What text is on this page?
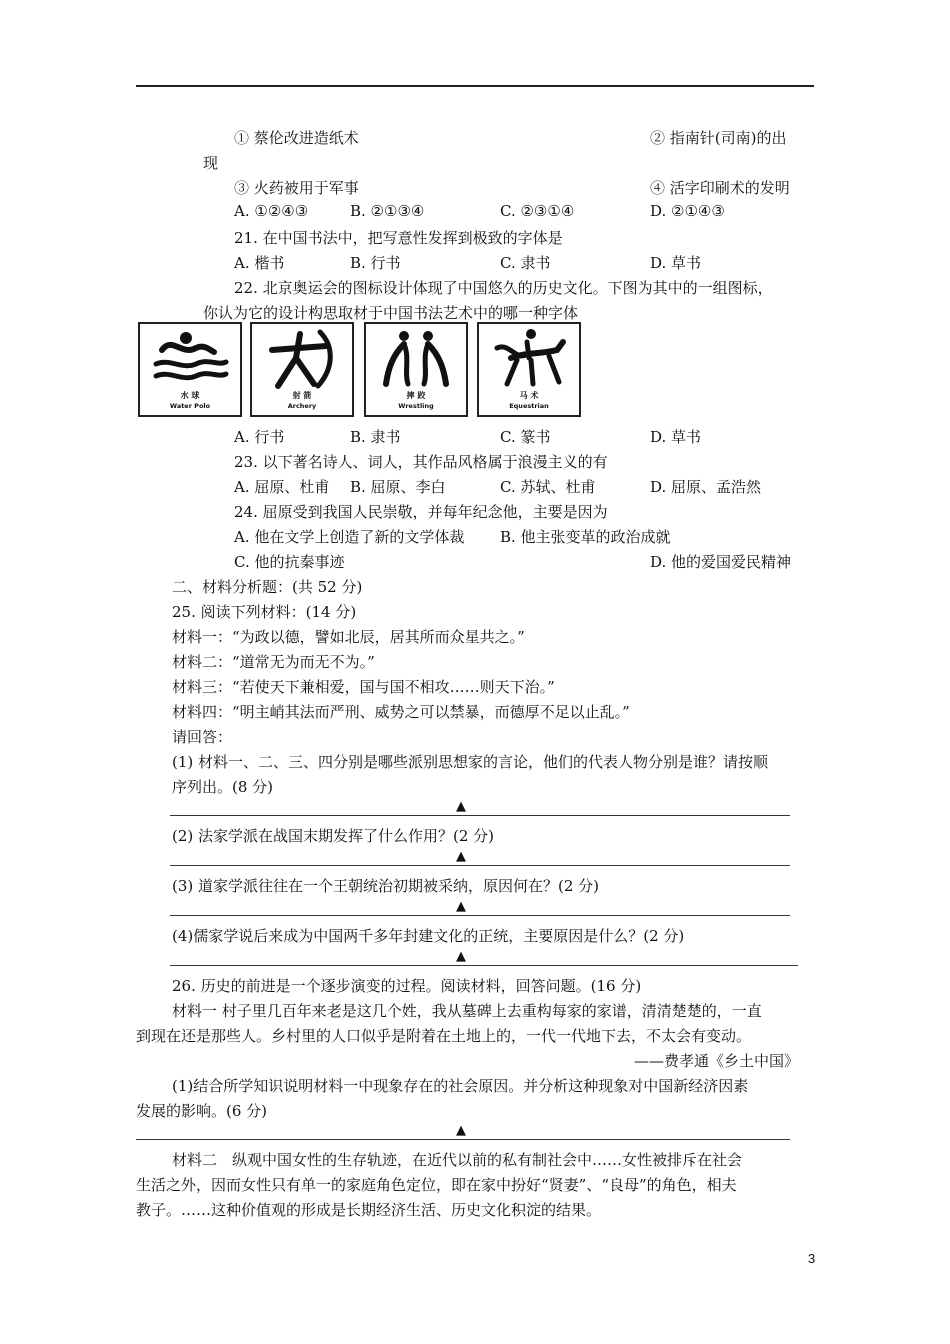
① 蔡伦改进造纸术	② 指南针(司南)的出
现
③ 火药被用于军事	④ 活字印刷术的发明
A. ①②④③	B. ②①③④	C. ②③①④	D. ②①④③
21. 在中国书法中，把写意性发挥到极致的字体是
A. 楷书	B. 行书	C. 隶书	D. 草书
22. 北京奥运会的图标设计体现了中国悠久的历史文化。下图为其中的一组图标，
你认为它的设计构思取材于中国书法艺术中的哪一种字体
水 球
Water Polo
射 箭
Archery
摔 跤
Wrestling
马 术
Equestrian
A. 行书	B. 隶书	C. 篆书	D. 草书
23. 以下著名诗人、词人，其作品风格属于浪漫主义的有
A. 屈原、杜甫 B. 屈原、李白	C. 苏轼、杜甫	D. 屈原、孟浩然
24. 屈原受到我国人民崇敬，并每年纪念他，主要是因为
A. 他在文学上创造了新的文学体裁 B. 他主张变革的政治成就
C. 他的抗秦事迹	D. 他的爱国爱民精神
二、材料分析题：(共 52 分)
25. 阅读下列材料：(14 分)
材料一：“为政以德，譬如北辰，居其所而众星共之。”
材料二：“道常无为而无不为。”
材料三：“若使天下兼相爱，国与国不相攻……则天下治。”
材料四：“明主峭其法而严刑、威势之可以禁暴，而德厚不足以止乱。”
请回答：
(1) 材料一、二、三、四分别是哪些派别思想家的言论，他们的代表人物分别是谁？请按顺
序列出。(8 分)
▲
(2) 法家学派在战国末期发挥了什么作用？(2 分)
▲
(3) 道家学派往往在一个王朝统治初期被采纳，原因何在？(2 分)
▲
(4)儒家学说后来成为中国两千多年封建文化的正统，主要原因是什么？(2 分)
▲
26. 历史的前进是一个逐步演变的过程。阅读材料，回答问题。(16 分)
材料一 村子里几百年来老是这几个姓，我从墓碑上去重构每家的家谱，清清楚楚的，一直
到现在还是那些人。乡村里的人口似乎是附着在土地上的，一代一代地下去，不太会有变动。
——费孝通《乡土中国》
(1)结合所学知识说明材料一中现象存在的社会原因。并分析这种现象对中国新经济因素
发展的影响。(6 分)
▲
材料二　纵观中国女性的生存轨迹，在近代以前的私有制社会中……女性被排斥在社会
生活之外，因而女性只有单一的家庭角色定位，即在家中扮好“贤妻”、“良母”的角色，相夫
教子。……这种价值观的形成是长期经济生活、历史文化积淀的结果。
3
